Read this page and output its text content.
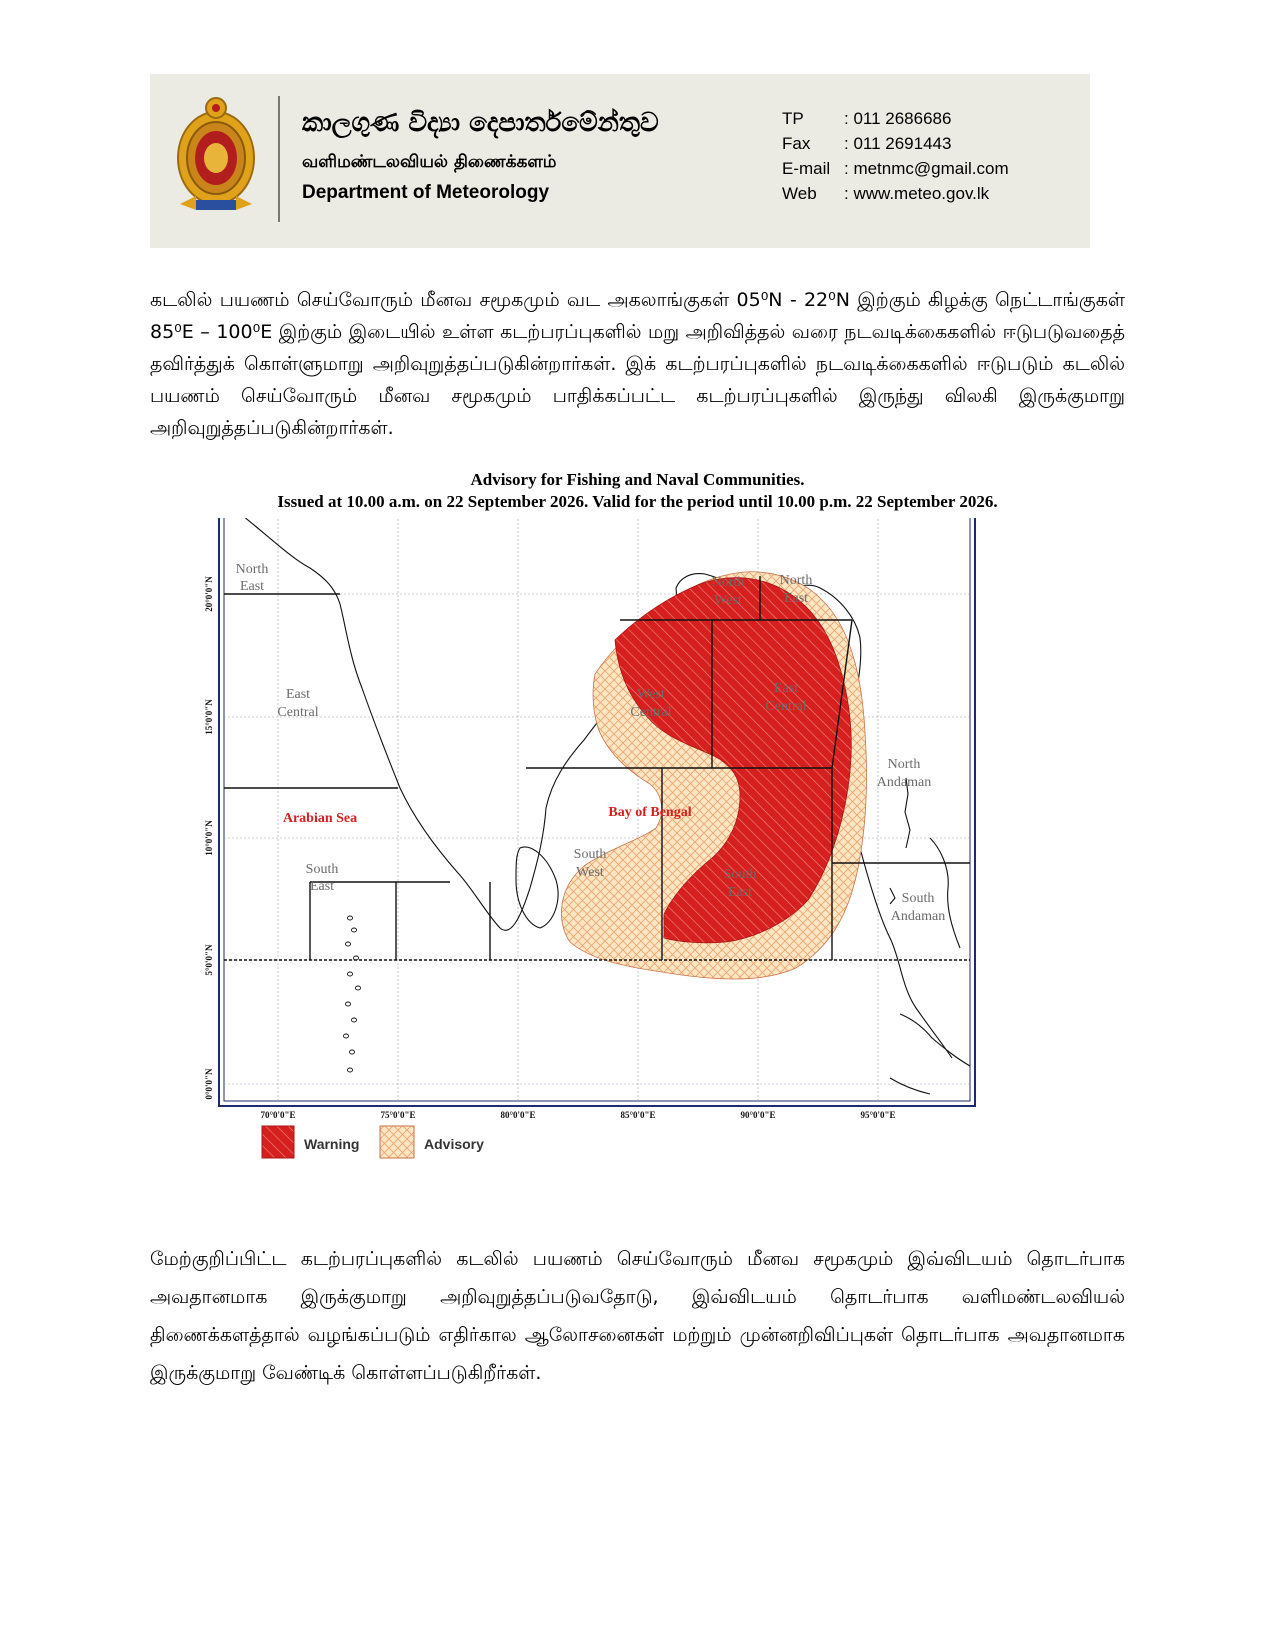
කාලගුණ විද්‍යා දෙපාර්තමේන්තුව
வளிமண்டலவியல் திணைக்களம்
Department of Meteorology
TP	: 011 2686686
Fax	: 011 2691443
E-mail : metnmc@gmail.com
Web	: www.meteo.gov.lk
கடலில் பயணம் செய்வோரும் மீனவ சமூகமும் வட அகலாங்குகள் 05⁰N - 22⁰N இற்கும் கிழக்கு நெட்டாங்குகள் 85⁰E – 100⁰E இற்கும் இடையில் உள்ள கடற்பரப்புகளில் மறு அறிவித்தல் வரை நடவடிக்கைகளில் ஈடுபடுவதைத் தவிர்த்துக் கொள்ளுமாறு அறிவுறுத்தப்படுகின்றார்கள். இக் கடற்பரப்புகளில் நடவடிக்கைகளில் ஈடுபடும் கடலில் பயணம் செய்வோரும் மீனவ சமூகமும் பாதிக்கப்பட்ட கடற்பரப்புகளில் இருந்து விலகி இருக்குமாறு அறிவுறுத்தப்படுகின்றார்கள்.
Advisory for Fishing and Naval Communities.
Issued at 10.00 a.m. on 22 September 2026. Valid for the period until 10.00 p.m. 22 September 2026.
North
East
East
Central
South
East
South
West
West
Central
East
Central
North
West
North
East
North
Andaman
South
East	South
Andaman
Arabian Sea	Bay of Bengal
70°0'0"E	75°0'0"E	80°0'0"E	85°0'0"E	90°0'0"E	95°0'0"E
20°0'0"N
15°0'0"N
10°0'0"N
5°0'0"N
0°0'0"N
Warning	Advisory
மேற்குறிப்பிட்ட கடற்பரப்புகளில் கடலில் பயணம் செய்வோரும் மீனவ சமூகமும் இவ்விடயம் தொடர்பாக அவதானமாக இருக்குமாறு அறிவுறுத்தப்படுவதோடு, இவ்விடயம் தொடர்பாக வளிமண்டலவியல் திணைக்களத்தால் வழங்கப்படும் எதிர்கால ஆலோசனைகள் மற்றும் முன்னறிவிப்புகள் தொடர்பாக அவதானமாக இருக்குமாறு வேண்டிக் கொள்ளப்படுகிறீர்கள்.
